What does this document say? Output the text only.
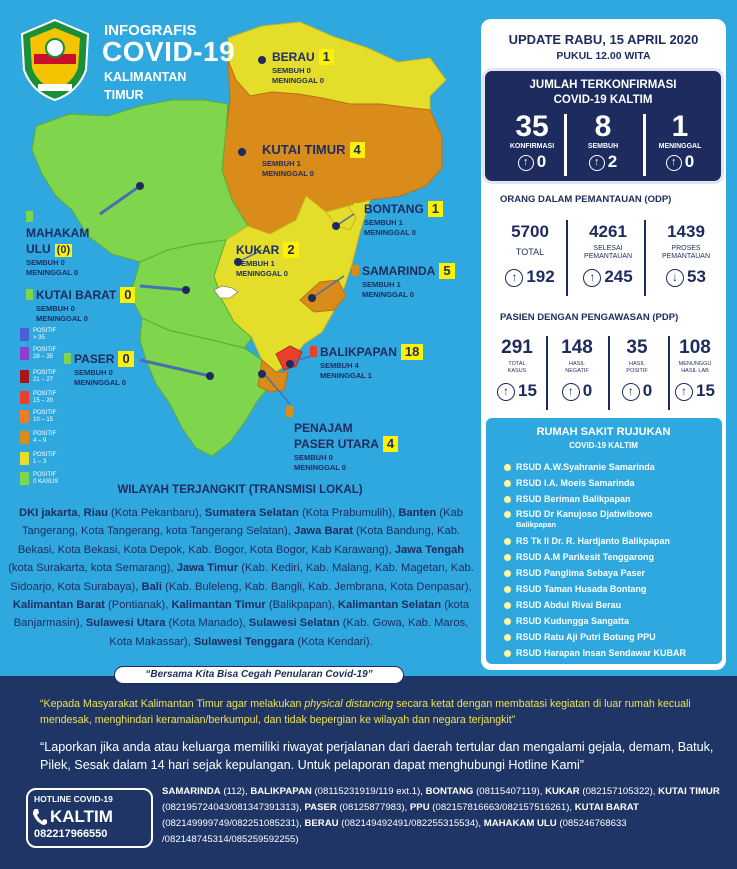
INFOGRAFIS
COVID-19
KALIMANTAN
TIMUR
BERAU 1
SEMBUH 0
MENINGGAL 0
KUTAI TIMUR 4
SEMBUH 1
MENINGGAL 0
BONTANG 1
SEMBUH 1
MENINGGAL 0
MAHAKAM
ULU (0)
SEMBUH 0
MENINGGAL 0
KUKAR 2
SEMBUH 1
MENINGGAL 0	SAMARINDA 5
SEMBUH 1
MENINGGAL 0
KUTAI BARAT 0
SEMBUH 0
MENINGGAL 0
PASER 0
SEMBUH 0
MENINGGAL 0
BALIKPAPAN 18
SEMBUH 4
MENINGGAL 1
PENAJAM
PASER UTARA 4
SEMBUH 0
MENINGGAL 0
POSITIF
> 35
POSITIF
28 – 35
POSITIF
21 – 27
POSITIF
15 – 20
POSITIF
10 – 15
POSITIF
4 – 9
POSITIF
1 – 3
POSITIF
0 KASUS
UPDATE RABU, 15 APRIL 2020
PUKUL 12.00 WITA
JUMLAH TERKONFIRMASI
COVID-19 KALTIM
35
KONFIRMASI
↑ 0
8
SEMBUH
↑ 2
1
MENINGGAL
↑ 0
ORANG DALAM PEMANTAUAN (ODP)
5700
TOTAL
↑ 192
4261
SELESAI
PEMANTAUAN
↑ 245
1439
PROSES
PEMANTAUAN
↓ 53
PASIEN DENGAN PENGAWASAN (PDP)
291
TOTAL
KASUS
↑ 15
148
HASIL
NEGATIF
↑ 0
35
HASIL
POSITIF
↑ 0
108
MENUNGGU
HASIL LAB
↑ 15
RUMAH SAKIT RUJUKAN
COVID-19 KALTIM
RSUD A.W.Syahranie Samarinda
RSUD I.A. Moeis Samarinda
RSUD Beriman Balikpapan
RSUD Dr Kanujoso Djatiwibowo
Balikpapan
RS Tk II Dr. R. Hardjanto Balikpapan
RSUD A.M Parikesit Tenggarong
RSUD Panglima Sebaya Paser
RSUD Taman Husada Bontang
RSUD Abdul Rivai Berau
RSUD Kudungga Sangatta
RSUD Ratu Aji Putri Botung PPU
RSUD Harapan Insan Sendawar KUBAR
WILAYAH TERJANGKIT (TRANSMISI LOKAL)
DKI jakarta, Riau (Kota Pekanbaru), Sumatera Selatan (Kota Prabumulih), Banten (Kab Tangerang, Kota Tangerang, kota Tangerang Selatan), Jawa Barat (Kota Bandung, Kab. Bekasi, Kota Bekasi, Kota Depok, Kab. Bogor, Kota Bogor, Kab Karawang), Jawa Tengah (kota Surakarta, kota Semarang), Jawa Timur (Kab. Kediri, Kab. Malang, Kab. Magetan, Kab. Sidoarjo, Kota Surabaya), Bali (Kab. Buleleng, Kab. Bangli, Kab. Jembrana, Kota Denpasar), Kalimantan Barat (Pontianak), Kalimantan Timur (Balikpapan), Kalimantan Selatan (kota Banjarmasin), Sulawesi Utara (Kota Manado), Sulawesi Selatan (Kab. Gowa, Kab. Maros, Kota Makassar), Sulawesi Tenggara (Kota Kendari).
“Bersama Kita Bisa Cegah Penularan Covid-19”
“Kepada Masyarakat Kalimantan Timur agar melakukan physical distancing secara ketat dengan membatasi kegiatan di luar rumah kecuali mendesak, menghindari keramaian/berkumpul, dan tidak bepergian ke wilayah dan negara terjangkit”
“Laporkan jika anda atau keluarga memiliki riwayat perjalanan dari daerah tertular dan mengalami gejala, demam, Batuk, Pilek, Sesak dalam 14 hari sejak kepulangan. Untuk pelaporan dapat menghubungi Hotline Kami”
HOTLINE COVID-19
KALTIM
082217966550
SAMARINDA (112), BALIKPAPAN (08115231919/119 ext.1), BONTANG (08115407119), KUKAR (082157105322), KUTAI TIMUR (082195724043/081347391313), PASER (08125877983), PPU (082157816663/082157516261), KUTAI BARAT (082149999749/082251085231), BERAU (082149492491/082255315534), MAHAKAM ULU (085246768633 /082148745314/085259592255)
